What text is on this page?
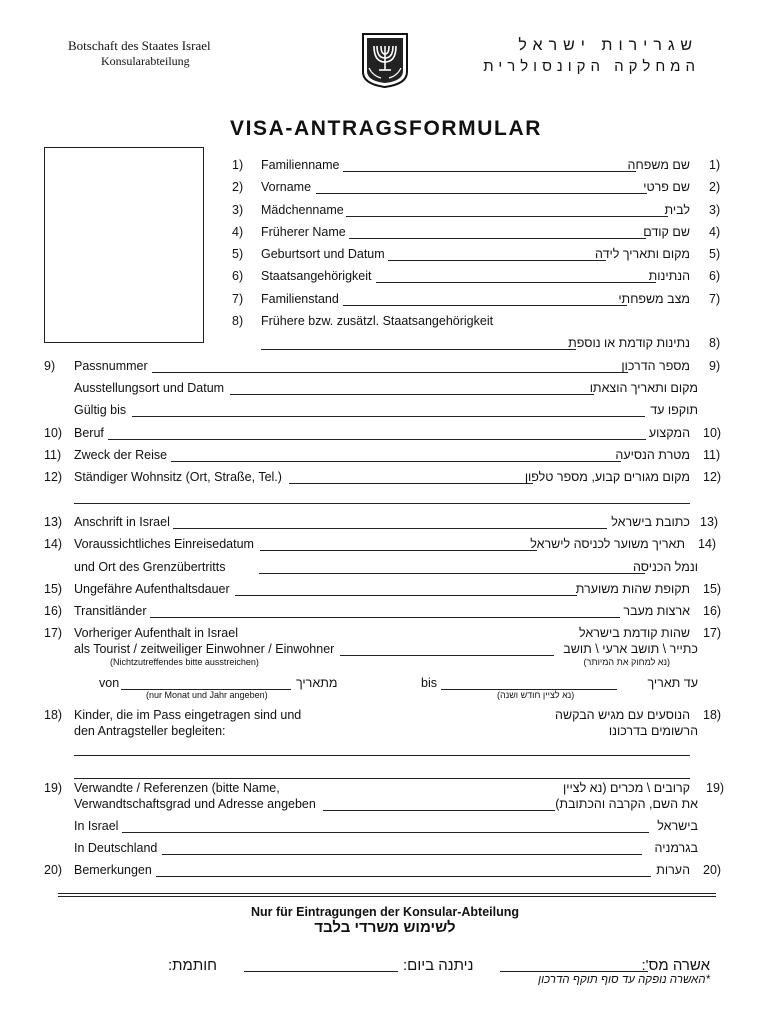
Botschaft des Staates Israel
Konsularabteilung
שגרירות ישראל
המחלקה הקונסולרית
VISA-ANTRAGSFORMULAR
1)	Familienname	שם משפחה 1)
2)	Vorname	שם פרטי 2)
3)	Mädchenname	לבית 3)
4)	Früherer Name	שם קודם 4)
5)	Geburtsort und Datum	מקום ותאריך לידה 5)
6)	Staatsangehörigkeit	הנתינות 6)
7)	Familienstand	מצב משפחתי 7)
8)	Frühere bzw. zusätzl. Staatsangehörigkeit
נתינות קודמת או נוספת 8)
9) Passnummer	מספר הדרכון 9)
Ausstellungsort und Datum	מקום ותאריך הוצאתו
Gültig bis	תוקפו עד
10) Beruf	המקצוע 10)
11) Zweck der Reise	מטרת הנסיעה 11)
12) Ständiger Wohnsitz (Ort, Straße, Tel.)	מקום מגורים קבוע, מספר טלפון 12)
13) Anschrift in Israel	כתובת בישראל 13)
14) Voraussichtliches Einreisedatum	תאריך משוער לכניסה לישראל 14)
und Ort des Grenzübertritts	ונמל הכניסה
15) Ungefähre Aufenthaltsdauer	תקופת שהות משוערת 15)
16) Transitländer	ארצות מעבר 16)
17) Vorheriger Aufenthalt in Israel	שהות קודמת בישראל 17)
als Tourist / zeitweiliger Einwohner / Einwohner	כתייר \ תושב ארעי \ תושב
(Nichtzutreffendes bitte ausstreichen)	(נא למחוק את המיותר)
von	מתאריך	bis	עד תאריך
(nur Monat und Jahr angeben)	(נא לציין חודש ושנה)
18) Kinder, die im Pass eingetragen sind und	הנוסעים עם מגיש הבקשה 18)
den Antragsteller begleiten:	הרשומים בדרכונו
19) Verwandte / Referenzen (bitte Name,	קרובים \ מכרים (נא לציין 19)
Verwandtschaftsgrad und Adresse angeben	את השם, הקרבה והכתובת)
In Israel	בישראל
In Deutschland	בגרמניה
20) Bemerkungen	הערות 20)
Nur für Eintragungen der Konsular-Abteilung
לשימוש משרדי בלבד
אשרה מס':
ניתנה ביום:
חותמת:
*האשרה נופקה עד סוף תוקף הדרכון
